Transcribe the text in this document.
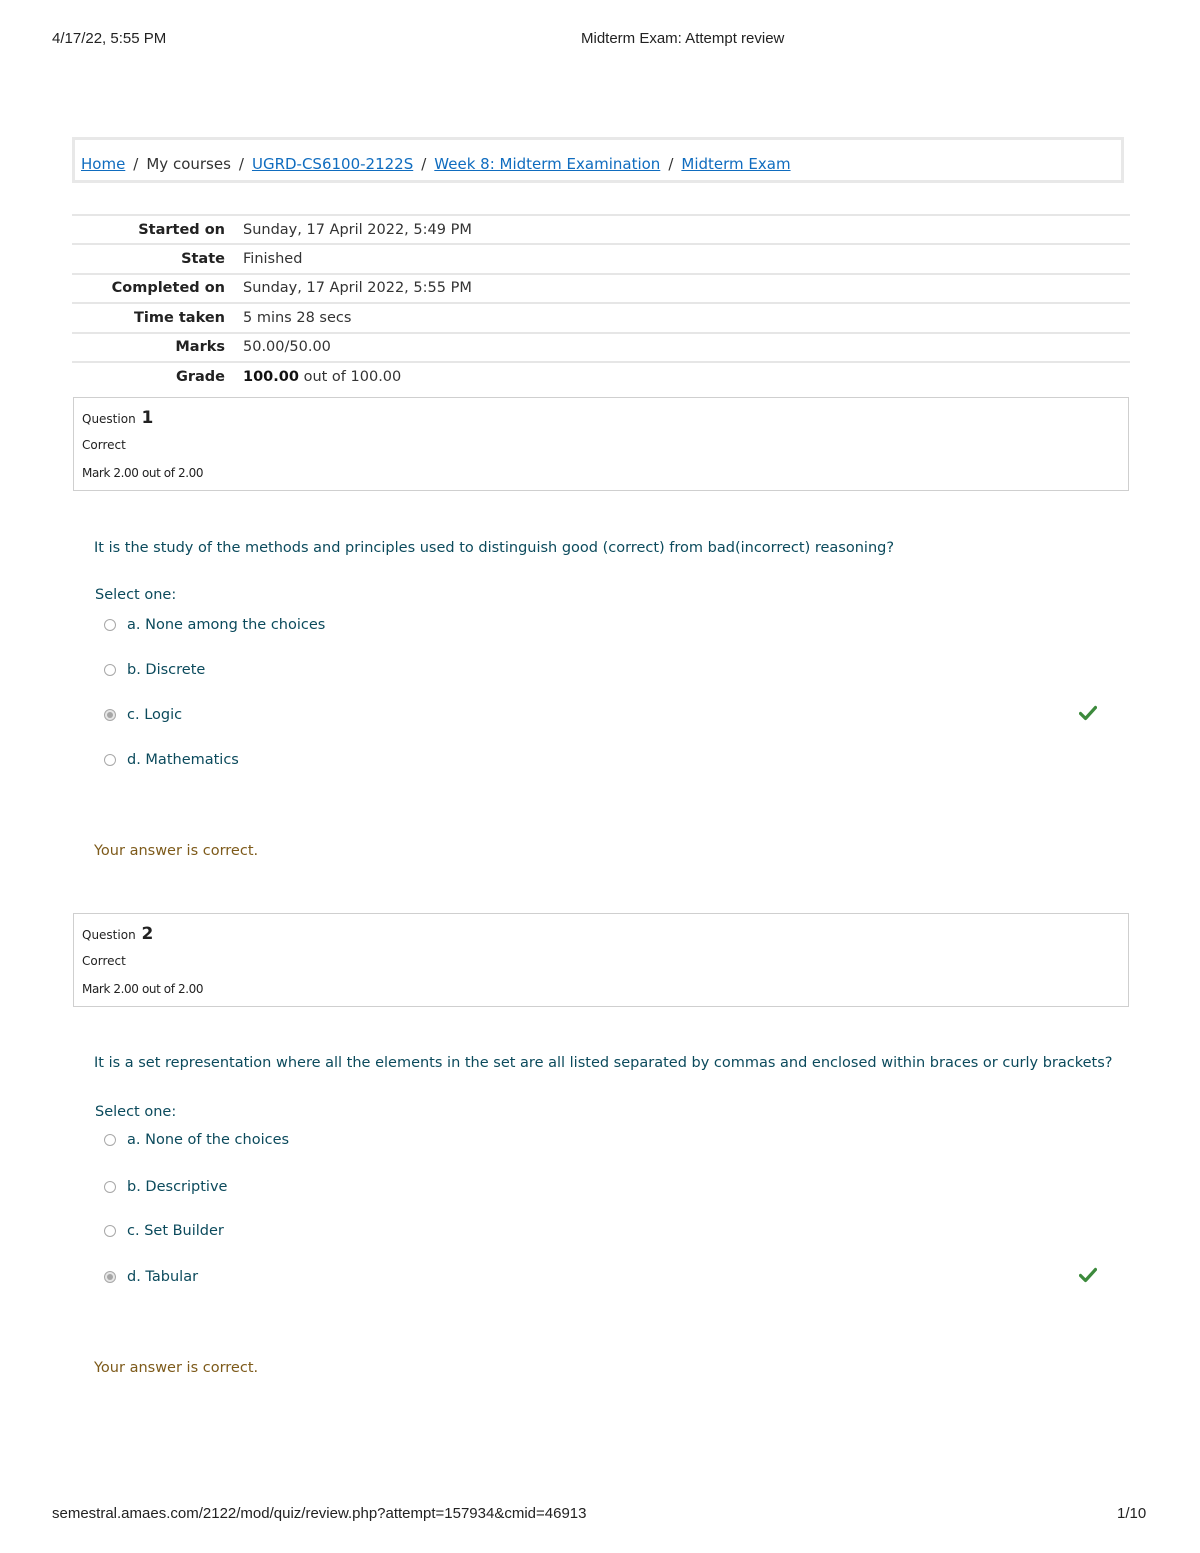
4/17/22, 5:55 PM	Midterm Exam: Attempt review
Home / My courses / UGRD-CS6100-2122S / Week 8: Midterm Examination / Midterm Exam
Started on	Sunday, 17 April 2022, 5:49 PM
State	Finished
Completed on	Sunday, 17 April 2022, 5:55 PM
Time taken	5 mins 28 secs
Marks	50.00/50.00
Grade	100.00 out of 100.00
Question 1
Correct
Mark 2.00 out of 2.00
It is the study of the methods and principles used to distinguish good (correct) from bad(incorrect) reasoning?
Select one:
a. None among the choices
b. Discrete
c. Logic
d. Mathematics
Your answer is correct.
Question 2
Correct
Mark 2.00 out of 2.00
It is a set representation where all the elements in the set are all listed separated by commas and enclosed within braces or curly brackets?
Select one:
a. None of the choices
b. Descriptive
c. Set Builder
d. Tabular
Your answer is correct.
semestral.amaes.com/2122/mod/quiz/review.php?attempt=157934&cmid=46913	1/10
